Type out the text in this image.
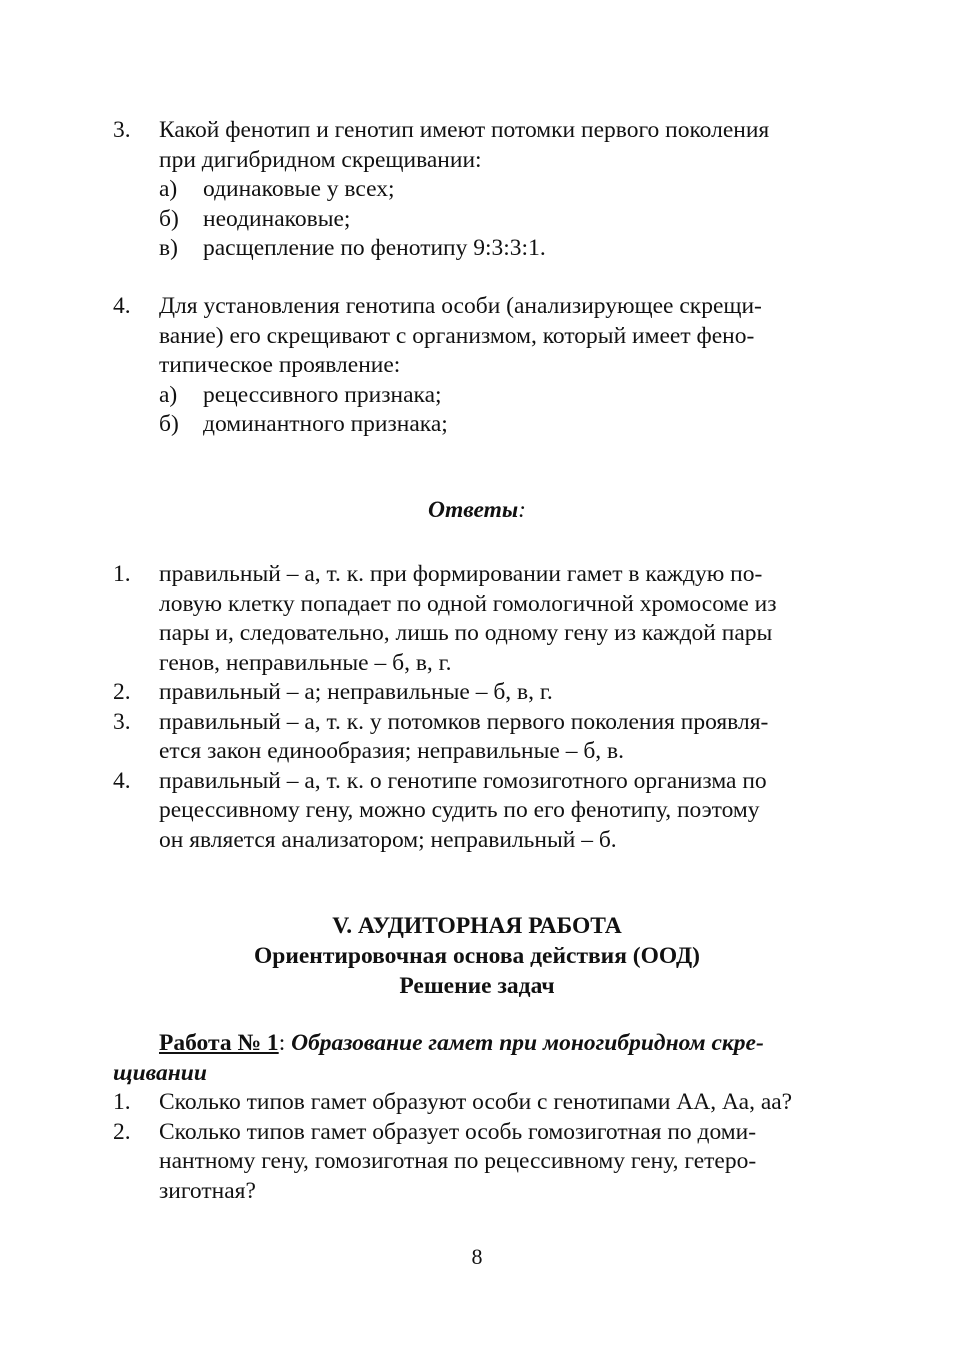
3.	Какой фенотип и генотип имеют потомки первого поколения
при дигибридном скрещивании:
а)	одинаковые у всех;
б)	неодинаковые;
в)	расщепление по фенотипу 9:3:3:1.
4.	Для установления генотипа особи (анализирующее скрещи-
вание) его скрещивают с организмом, который имеет фено-
типическое проявление:
а)	рецессивного признака;
б)	доминантного признака;
Ответы:
1.	правильный – а, т. к. при формировании гамет в каждую по-
ловую клетку попадает по одной гомологичной хромосоме из
пары и, следовательно, лишь по одному гену из каждой пары
генов, неправильные – б, в, г.
2.	правильный – а; неправильные – б, в, г.
3.	правильный – а, т. к. у потомков первого поколения проявля-
ется закон единообразия; неправильные – б, в.
4.	правильный – а, т. к. о генотипе гомозиготного организма по
рецессивному гену, можно судить по его фенотипу, поэтому
он является анализатором; неправильный – б.
V. АУДИТОРНАЯ РАБОТА
Ориентировочная основа действия (ООД)
Решение задач
Работа № 1: Образование гамет при моногибридном скре-
щивании
1.	Сколько типов гамет образуют особи с генотипами АА, Аа, аа?
2.	Сколько типов гамет образует особь гомозиготная по доми-
нантному гену, гомозиготная по рецессивному гену, гетеро-
зиготная?
8
